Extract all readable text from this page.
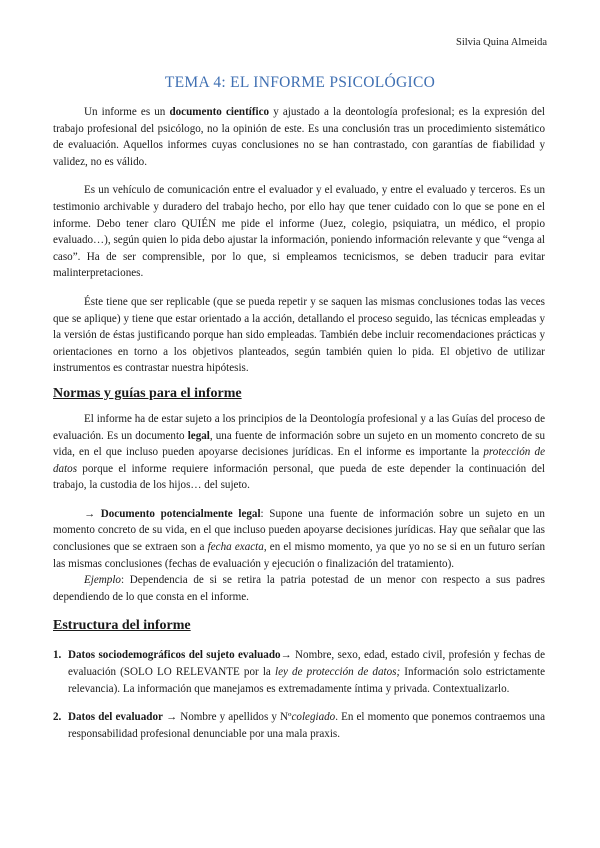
Silvia Quina Almeida
TEMA 4: EL INFORME PSICOLÓGICO

Un informe es un documento científico y ajustado a la deontología profesional; es la expresión del trabajo profesional del psicólogo, no la opinión de este. Es una conclusión tras un procedimiento sistemático de evaluación. Aquellos informes cuyas conclusiones no se han contrastado, con garantías de fiabilidad y validez, no es válido.

Es un vehículo de comunicación entre el evaluador y el evaluado, y entre el evaluado y terceros. Es un testimonio archivable y duradero del trabajo hecho, por ello hay que tener cuidado con lo que se pone en el informe. Debo tener claro QUIÉN me pide el informe (Juez, colegio, psiquiatra, un médico, el propio evaluado…), según quien lo pida debo ajustar la información, poniendo información relevante y que “venga al caso”. Ha de ser comprensible, por lo que, si empleamos tecnicismos, se deben traducir para evitar malinterpretaciones.

Éste tiene que ser replicable (que se pueda repetir y se saquen las mismas conclusiones todas las veces que se aplique) y tiene que estar orientado a la acción, detallando el proceso seguido, las técnicas empleadas y la versión de éstas justificando porque han sido empleadas. También debe incluir recomendaciones prácticas y orientaciones en torno a los objetivos planteados, según también quien lo pida. El objetivo de utilizar instrumentos es contrastar nuestra hipótesis.

Normas y guías para el informe

El informe ha de estar sujeto a los principios de la Deontología profesional y a las Guías del proceso de evaluación. Es un documento legal, una fuente de información sobre un sujeto en un momento concreto de su vida, en el que incluso pueden apoyarse decisiones jurídicas. En el informe es importante la protección de datos porque el informe requiere información personal, que pueda de este depender la continuación del trabajo, la custodia de los hijos… del sujeto.

→ Documento potencialmente legal: Supone una fuente de información sobre un sujeto en un momento concreto de su vida, en el que incluso pueden apoyarse decisiones jurídicas. Hay que señalar que las conclusiones que se extraen son a fecha exacta, en el mismo momento, ya que yo no se si en un futuro serían las mismas conclusiones (fechas de evaluación y ejecución o finalización del tratamiento).

Ejemplo: Dependencia de si se retira la patria potestad de un menor con respecto a sus padres dependiendo de lo que consta en el informe.

Estructura del informe
1. Datos sociodemográficos del sujeto evaluado→ Nombre, sexo, edad, estado civil, profesión y fechas de evaluación (SOLO LO RELEVANTE por la ley de protección de datos; Información solo estrictamente relevancia). La información que manejamos es extremadamente íntima y privada. Contextualizarlo.

2. Datos del evaluador → Nombre y apellidos y Nºcolegiado. En el momento que ponemos contraemos una responsabilidad profesional denunciable por una mala praxis.
